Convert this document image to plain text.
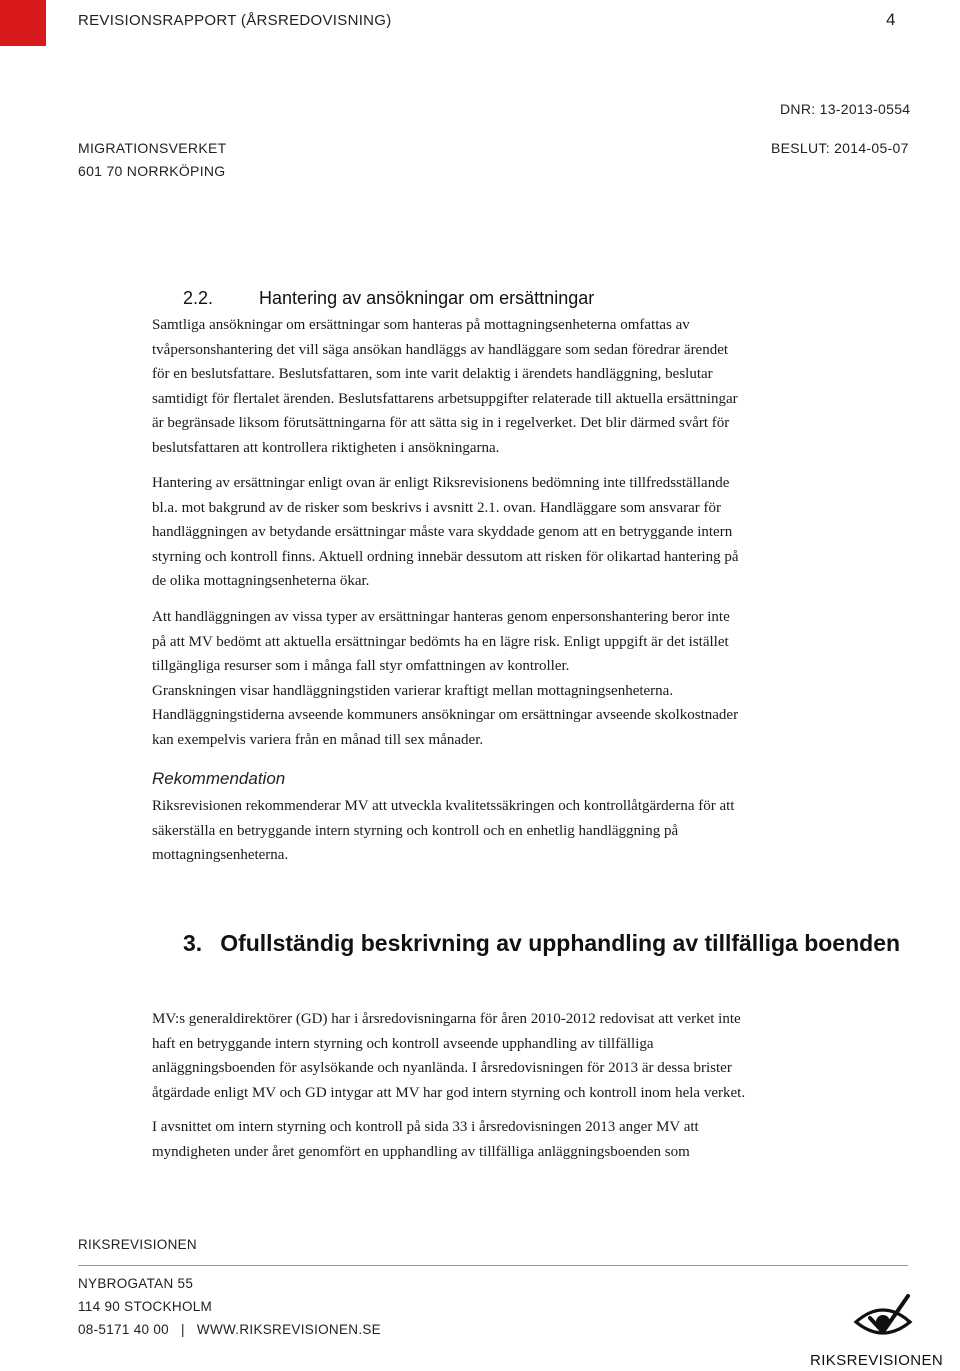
REVISIONSRAPPORT (ÅRSREDOVISNING)	4
DNR: 13-2013-0554
MIGRATIONSVERKET	BESLUT: 2014-05-07
601 70 NORRKÖPING
2.2.	Hantering av ansökningar om ersättningar

Samtliga ansökningar om ersättningar som hanteras på mottagningsenheterna omfattas av

tvåpersonshantering det vill säga ansökan handläggs av handläggare som sedan föredrar ärendet

för en beslutsfattare. Beslutsfattaren, som inte varit delaktig i ärendets handläggning, beslutar

samtidigt för flertalet ärenden. Beslutsfattarens arbetsuppgifter relaterade till aktuella ersättningar

är begränsade liksom förutsättningarna för att sätta sig in i regelverket. Det blir därmed svårt för

beslutsfattaren att kontrollera riktigheten i ansökningarna.

Hantering av ersättningar enligt ovan är enligt Riksrevisionens bedömning inte tillfredsställande

bl.a. mot bakgrund av de risker som beskrivs i avsnitt 2.1. ovan. Handläggare som ansvarar för

handläggningen av betydande ersättningar måste vara skyddade genom att en betryggande intern

styrning och kontroll finns. Aktuell ordning innebär dessutom att risken för olikartad hantering på

de olika mottagningsenheterna ökar.

Att handläggningen av vissa typer av ersättningar hanteras genom enpersonshantering beror inte

på att MV bedömt att aktuella ersättningar bedömts ha en lägre risk. Enligt uppgift är det istället

tillgängliga resurser som i många fall styr omfattningen av kontroller.

Granskningen visar handläggningstiden varierar kraftigt mellan mottagningsenheterna.

Handläggningstiderna avseende kommuners ansökningar om ersättningar avseende skolkostnader

kan exempelvis variera från en månad till sex månader.

Rekommendation

Riksrevisionen rekommenderar MV att utveckla kvalitetssäkringen och kontrollåtgärderna för att

säkerställa en betryggande intern styrning och kontroll och en enhetlig handläggning på

mottagningsenheterna.

3. Ofullständig beskrivning av upphandling av tillfälliga boenden

MV:s generaldirektörer (GD) har i årsredovisningarna för åren 2010-2012 redovisat att verket inte

haft en betryggande intern styrning och kontroll avseende upphandling av tillfälliga

anläggningsboenden för asylsökande och nyanlända. I årsredovisningen för 2013 är dessa brister

åtgärdade enligt MV och GD intygar att MV har god intern styrning och kontroll inom hela verket.

I avsnittet om intern styrning och kontroll på sida 33 i årsredovisningen 2013 anger MV att

myndigheten under året genomfört en upphandling av tillfälliga anläggningsboenden som

RIKSREVISIONEN
NYBROGATAN 55
114 90 STOCKHOLM
08-5171 40 00 | WWW.RIKSREVISIONEN.SE
RIKSREVISIONEN
